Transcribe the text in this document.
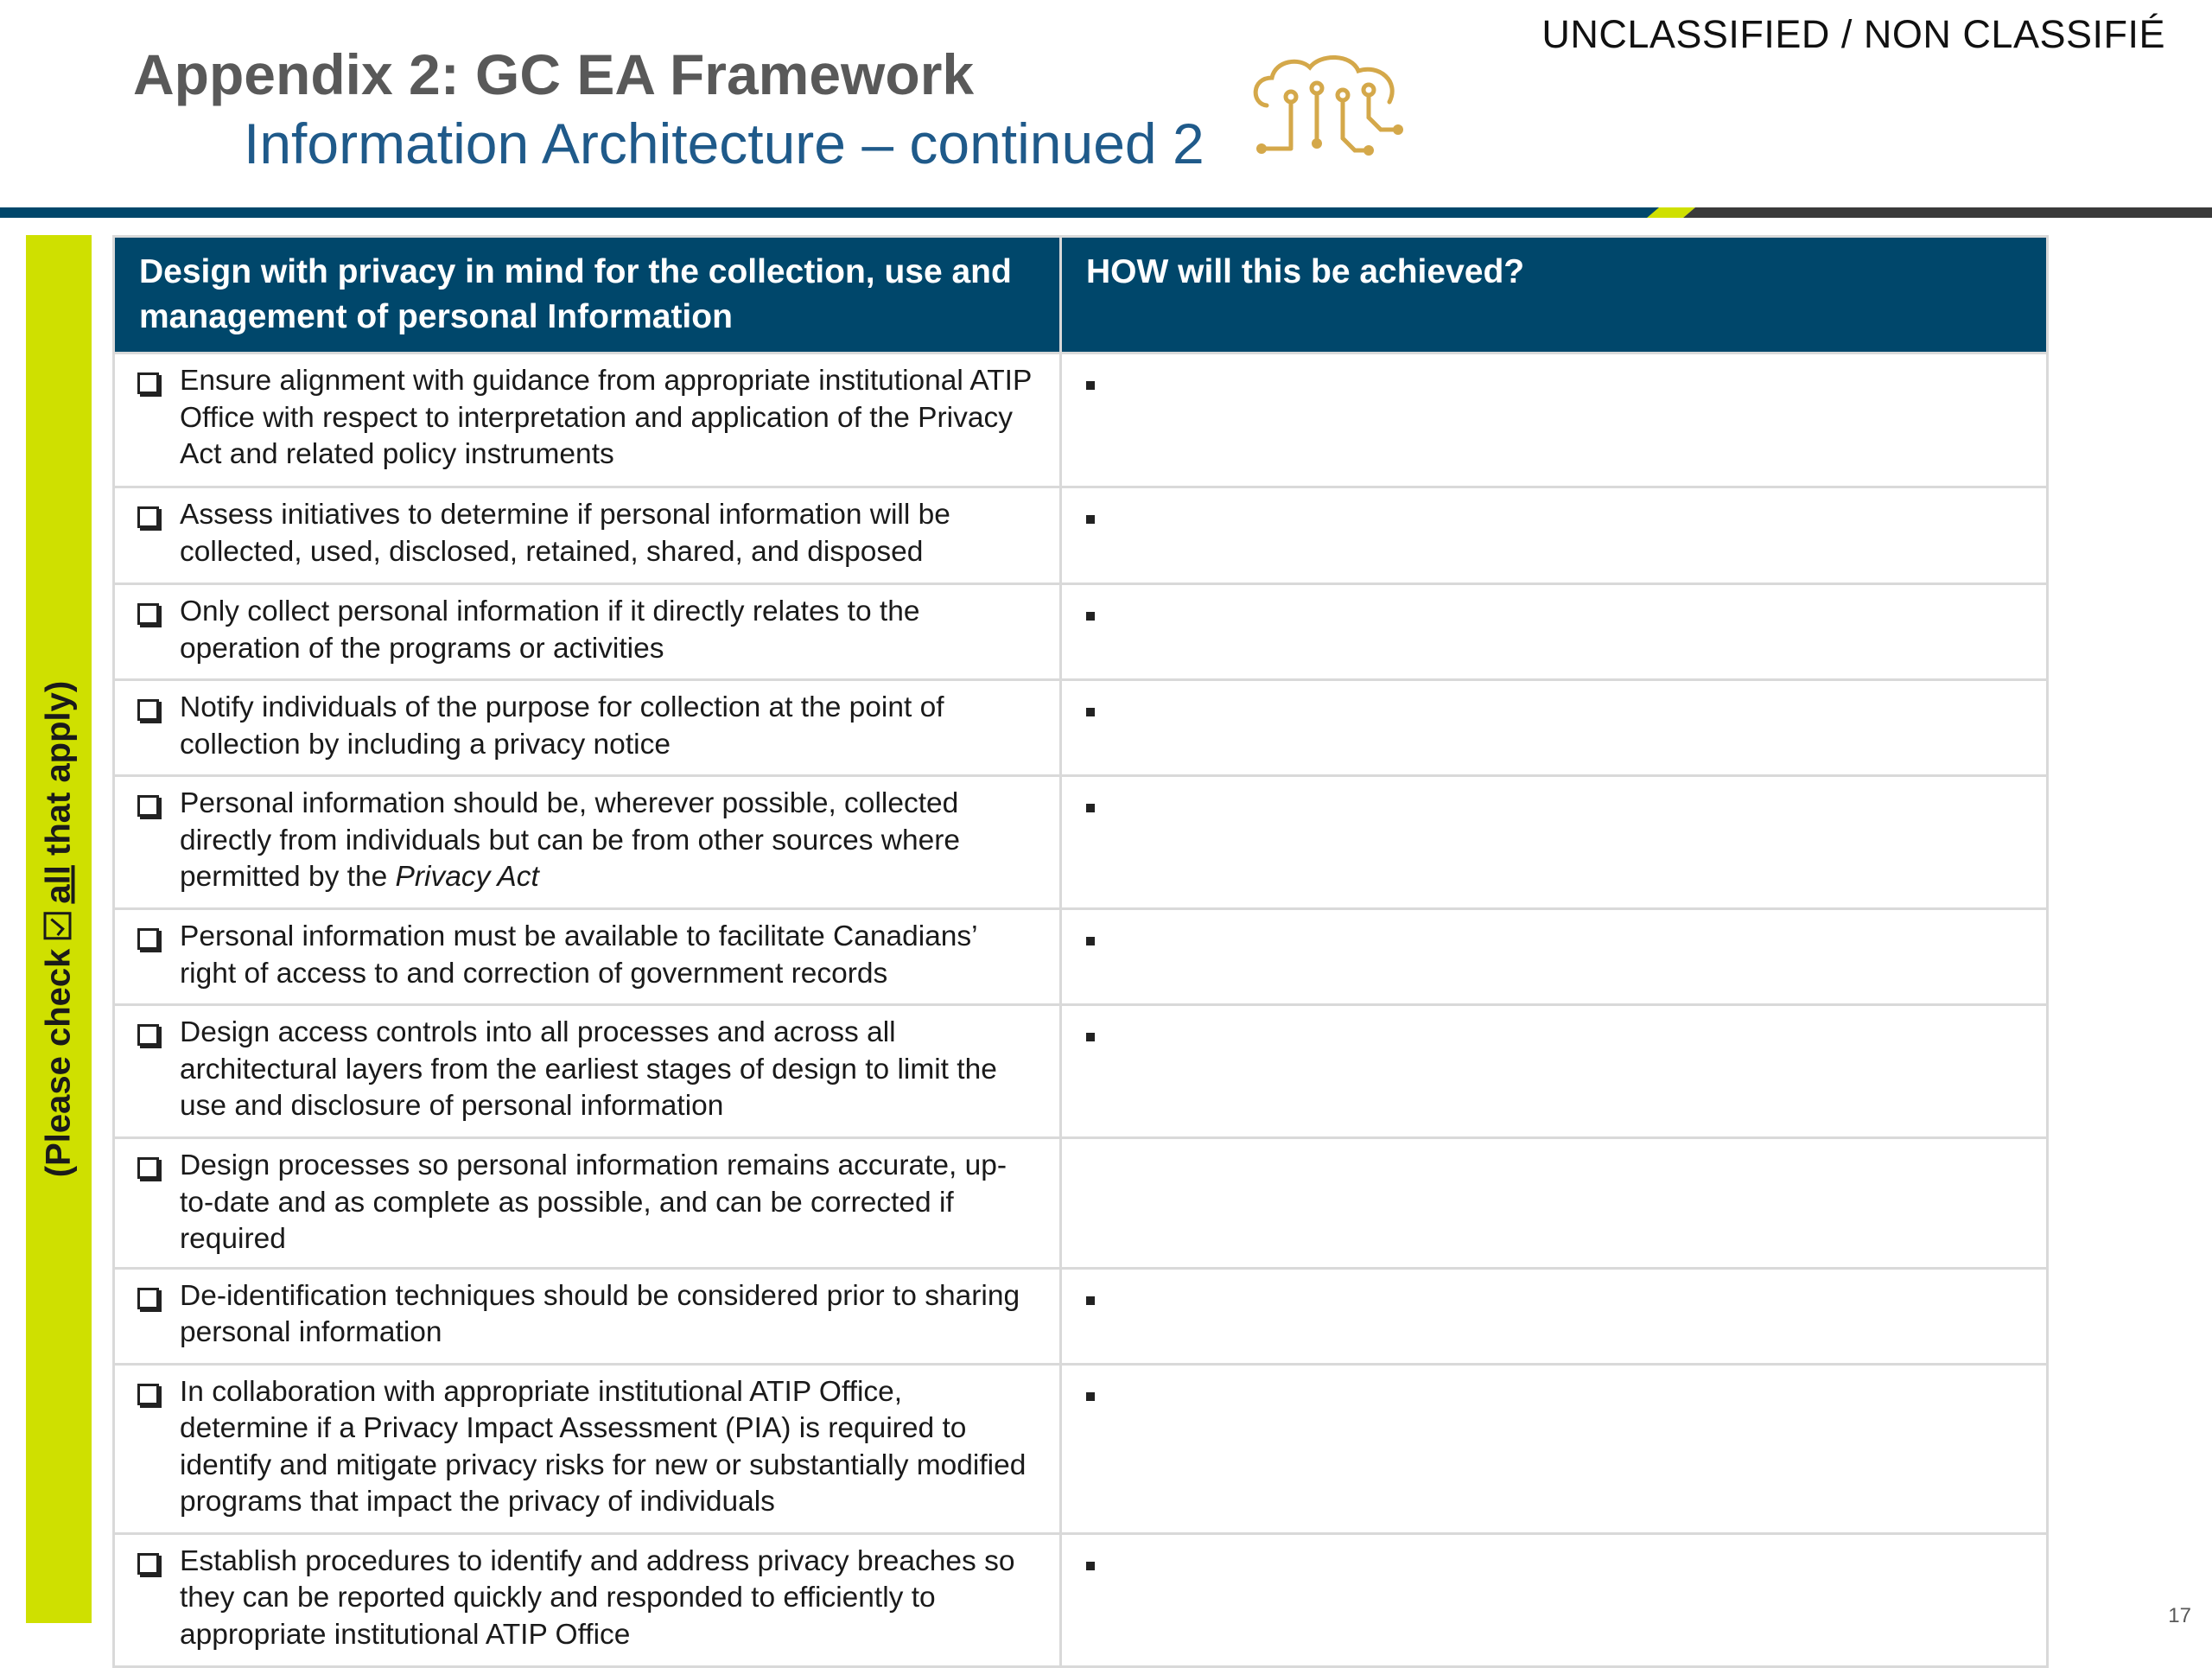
UNCLASSIFIED / NON CLASSIFIÉ
Appendix 2: GC EA Framework
Information Architecture – continued 2
(Please checkall that apply)
Design with privacy in mind for the collection, use and management of personal Information	HOW will this be achieved?

Ensure alignment with guidance from appropriate institutional ATIP Office with respect to interpretation and application of the Privacy Act and related policy instruments	

Assess initiatives to determine if personal information will be collected, used, disclosed, retained, shared, and disposed	

Only collect personal information if it directly relates to the operation of the programs or activities	

Notify individuals of the purpose for collection at the point of collection by including a privacy notice	

Personal information should be, wherever possible, collected directly from individuals but can be from other sources where permitted by the Privacy Act	

Personal information must be available to facilitate Canadians’ right of access to and correction of government records	

Design access controls into all processes and across all architectural layers from the earliest stages of design to limit the use and disclosure of personal information	

Design processes so personal information remains accurate, up-to-date and as complete as possible, and can be corrected if required	

De-identification techniques should be considered prior to sharing personal information	

In collaboration with appropriate institutional ATIP Office, determine if a Privacy Impact Assessment (PIA) is required to identify and mitigate privacy risks for new or substantially modified programs that impact the privacy of individuals	

Establish procedures to identify and address privacy breaches so they can be reported quickly and responded to efficiently to appropriate institutional ATIP Office	

17
